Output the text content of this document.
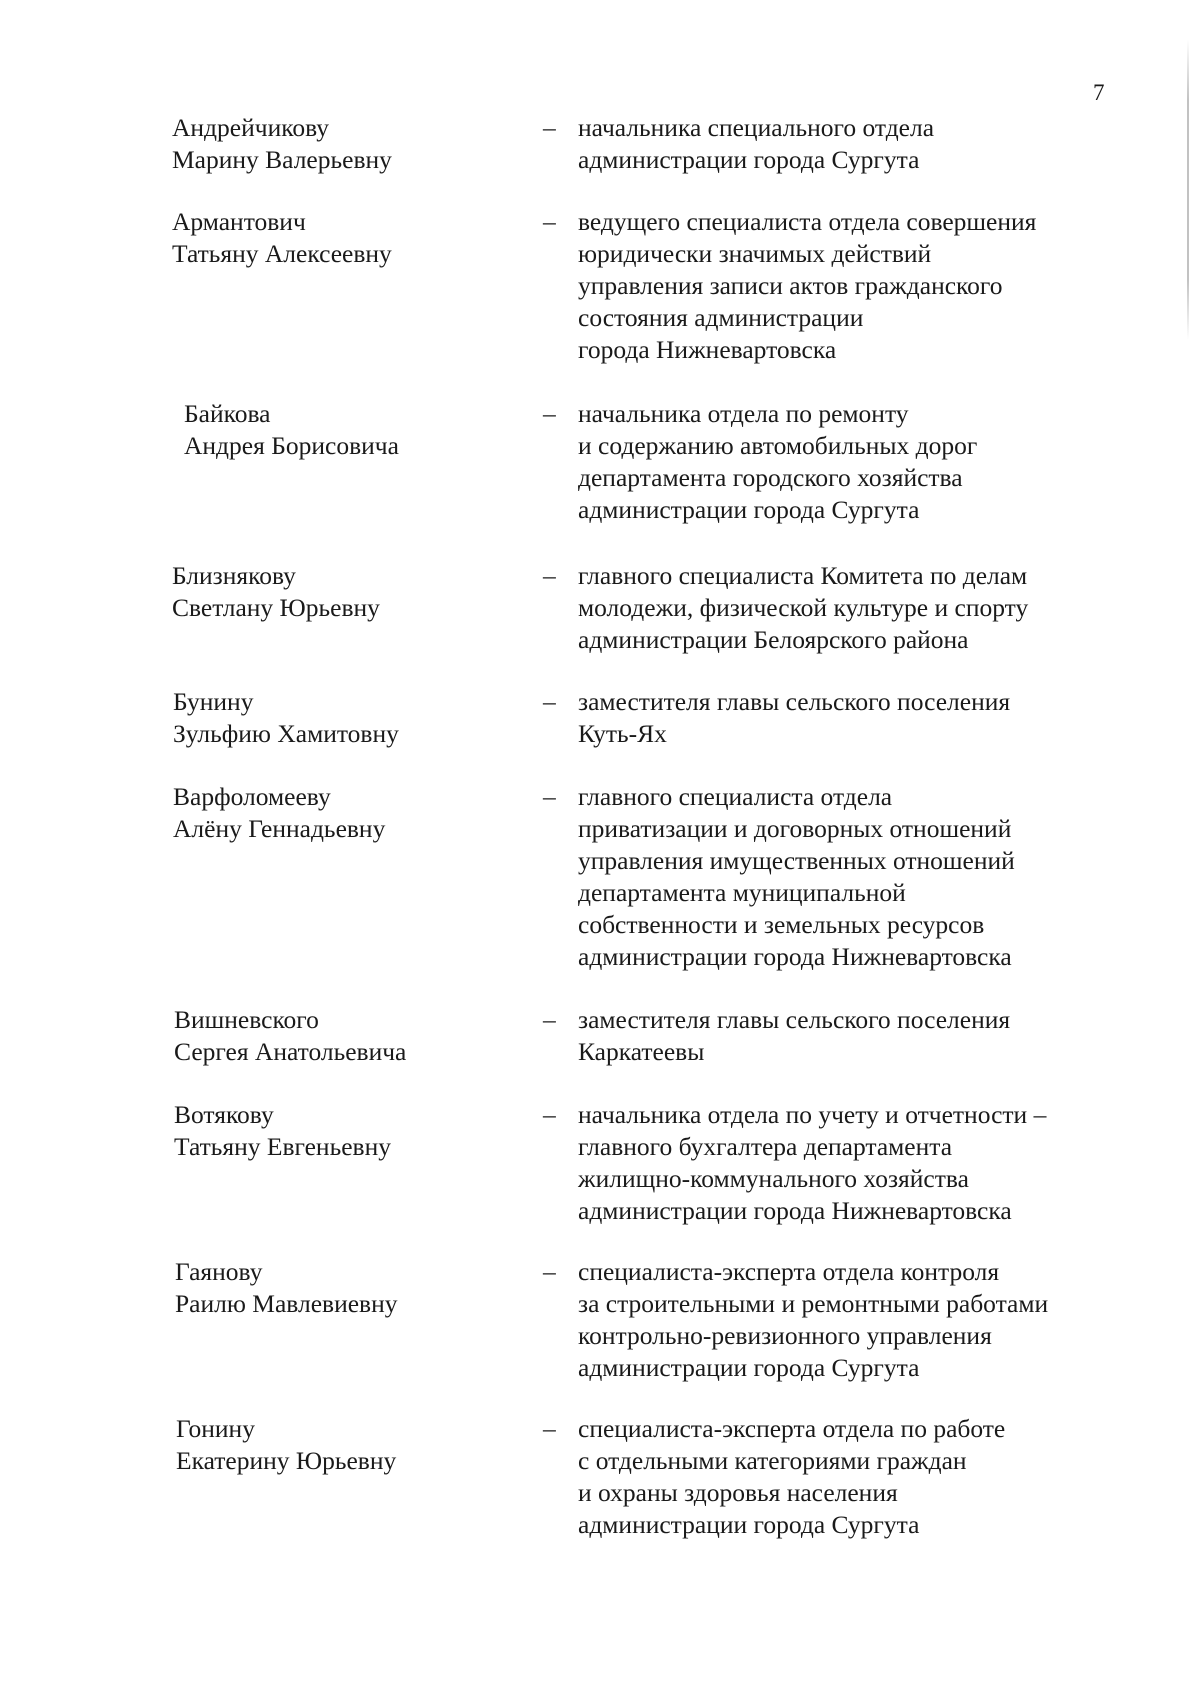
7
Андрейчикову
Марину Валерьевну
– начальника специального отдела
администрации города Сургута
Армантович
Татьяну Алексеевну
– ведущего специалиста отдела совершения
юридически значимых действий
управления записи актов гражданского
состояния администрации
города Нижневартовска
Байкова
Андрея Борисовича
– начальника отдела по ремонту
и содержанию автомобильных дорог
департамента городского хозяйства
администрации города Сургута
Близнякову
Светлану Юрьевну
– главного специалиста Комитета по делам
молодежи, физической культуре и спорту
администрации Белоярского района
Бунину
Зульфию Хамитовну
– заместителя главы сельского поселения
Куть-Ях
Варфоломееву
Алёну Геннадьевну
– главного специалиста отдела
приватизации и договорных отношений
управления имущественных отношений
департамента муниципальной
собственности и земельных ресурсов
администрации города Нижневартовска
Вишневского
Сергея Анатольевича
– заместителя главы сельского поселения
Каркатеевы
Вотякову
Татьяну Евгеньевну
– начальника отдела по учету и отчетности –
главного бухгалтера департамента
жилищно-коммунального хозяйства
администрации города Нижневартовска
Гаянову
Раилю Мавлевиевну
– специалиста-эксперта отдела контроля
за строительными и ремонтными работами
контрольно-ревизионного управления
администрации города Сургута
Гонину
Екатерину Юрьевну
– специалиста-эксперта отдела по работе
с отдельными категориями граждан
и охраны здоровья населения
администрации города Сургута
